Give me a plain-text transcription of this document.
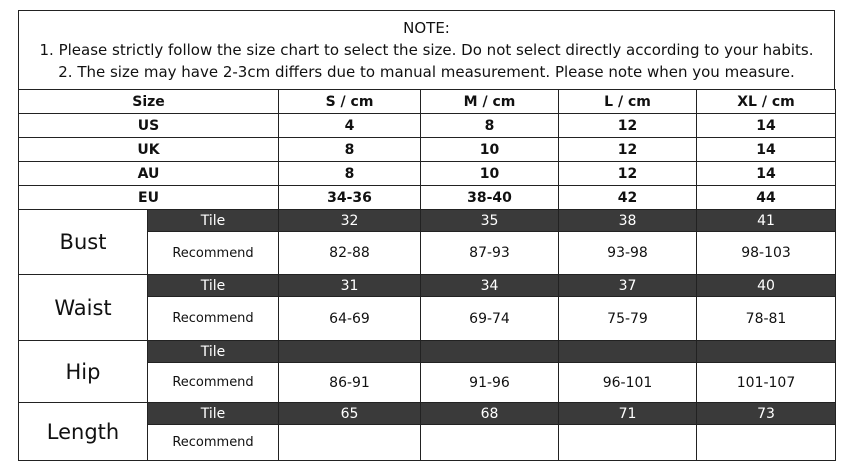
NOTE:
1. Please strictly follow the size chart to select the size. Do not select directly according to your habits.
2. The size may have 2-3cm differs due to manual measurement. Please note when you measure.
Size		S / cm	M / cm	L / cm	XL / cm
US		4	8	12	14
UK		8	10	12	14
AU		8	10	12	14
EU		34-36	38-40	42	44
Bust	Tile	32	35	38	41
	Recommend	82-88	87-93	93-98	98-103
Waist	Tile	31	34	37	40
	Recommend	64-69	69-74	75-79	78-81
Hip	Tile				
	Recommend	86-91	91-96	96-101	101-107
Length	Tile	65	68	71	73
	Recommend				
